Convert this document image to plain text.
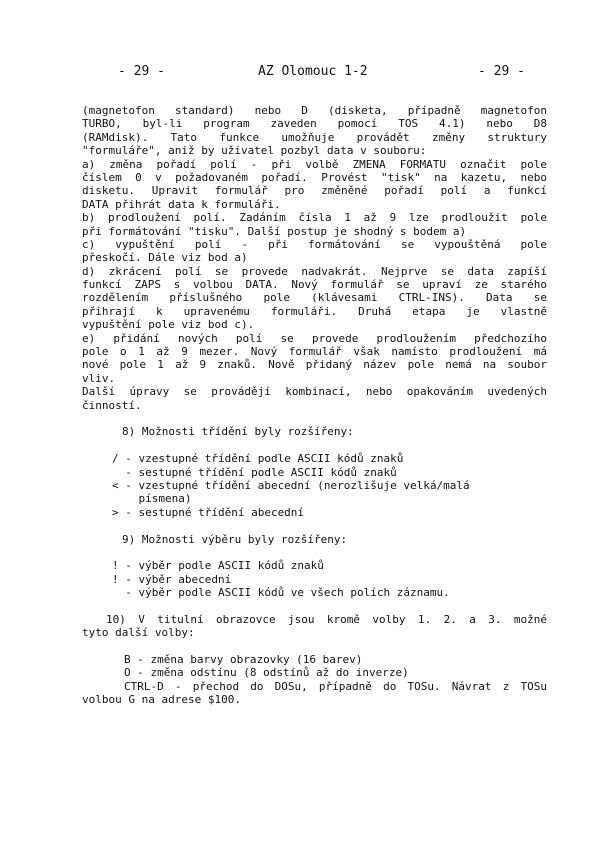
- 29 -	AZ Olomouc 1-2	- 29 -
(magnetofon standard) nebo D (disketa, případně magnetofon
TURBO, byl-li program zaveden pomocí TOS 4.1) nebo D8
(RAMdisk). Tato funkce umožňuje provádět změny struktury
"formuláře", aniž by uživatel pozbyl data v souboru:
a) změna pořadí polí - při volbě ZMENA FORMATU označit pole
číslem 0 v požadovaném pořadí. Provést "tisk" na kazetu, nebo
disketu. Upravit formulář pro změněné pořadí polí a funkcí
DATA přihrát data k formuláři.
b) prodloužení polí. Zadáním čísla 1 až 9 lze prodloužit pole
při formátování "tisku". Další postup je shodný s bodem a)
c) vypuštění polí - při formátování se vypouštěná pole
přeskočí. Dále viz bod a)
d) zkrácení polí se provede nadvakrát. Nejprve se data zapíší
funkcí ZAPS s volbou DATA. Nový formulář se upraví ze starého
rozdělením příslušného pole (klávesami CTRL-INS). Data se
přihrají k upravenému formuláři. Druhá etapa je vlastně
vypuštění pole viz bod c).
e) přidání nových polí se provede prodloužením předchozího
pole o 1 až 9 mezer. Nový formulář však namísto prodloužení má
nové pole 1 až 9 znaků. Nově přidaný název pole nemá na soubor
vliv.
Další úpravy se provádějí kombinací, nebo opakováním uvedených
činností.
8) Možnosti třídění byly rozšířeny:
/ - vzestupné třídění podle ASCII kódů znaků
- sestupné třídění podle ASCII kódů znaků
< - vzestupné třídění abecední (nerozlišuje velká/malá
písmena)
> - sestupné třídění abecední
9) Možnosti výběru byly rozšířeny:
! - výběr podle ASCII kódů znaků
! - výběr abecední
- výběr podle ASCII kódů ve všech polích záznamu.
10) V titulní obrazovce jsou kromě volby 1. 2. a 3. možné
tyto další volby:
B - změna barvy obrazovky (16 barev)
O - změna odstínu (8 odstínů až do inverze)
CTRL-D - přechod do DOSu, případně do TOSu. Návrat z TOSu
volbou G na adrese $100.
